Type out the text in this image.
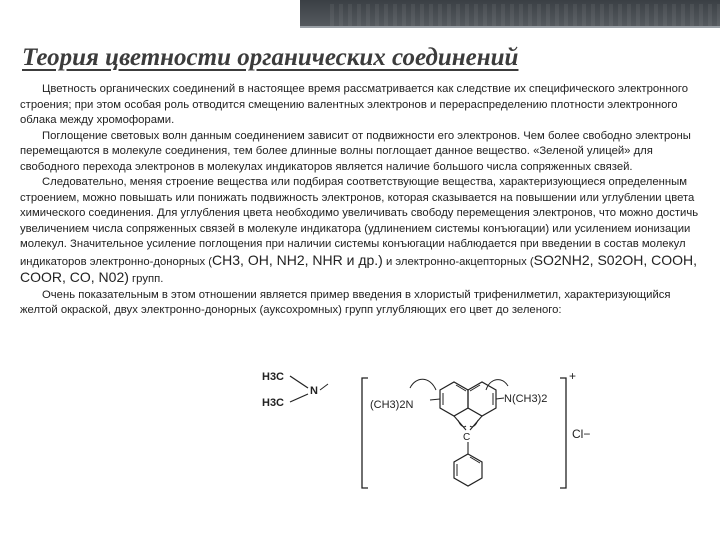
Теория цветности органических соединений

Цветность органических соединений в настоящее время рассматривается как следствие их специфического электронного строения; при этом особая роль отводится смещению валентных электронов и перераспределению плотности электронного облака между хромофорами.

Поглощение световых волн данным соединением зависит от подвижности его электронов. Чем более свободно электроны перемещаются в молекуле соединения, тем более длинные волны поглощает данное вещество. «Зеленой улицей» для свободного перехода электронов в молекулах индикаторов является наличие большого числа сопряженных связей.

Следовательно, меняя строение вещества или подбирая соответствующие вещества, характеризующиеся определенным строением, можно повышать или понижать подвижность электронов, которая сказывается на повышении или углублении цвета химического соединения. Для углубления цвета необходимо увеличивать свободу перемещения электронов, что можно достичь увеличением числа сопряженных связей в молекуле индикатора (удлинением системы конъюгации) или усилением ионизации молекул. Значительное усиление поглощения при наличии системы конъюгации наблюдается при введении в состав молекул индикаторов электронно-донорных (CH3, OH, NH2, NHR и др.) и электронно-акцепторных (SO2NH2, S02OH, COOH, COOR, CO, N02) групп.

Очень показательным в этом отношении является пример введения в хлористый трифенилметил, характеризующийся желтой окраской, двух электронно-донорных (ауксохромных) групп углубляющих его цвет до зеленого:

H3C
H3C
N
+
Cl−
(CH3)2N	N(CH3)2
C
